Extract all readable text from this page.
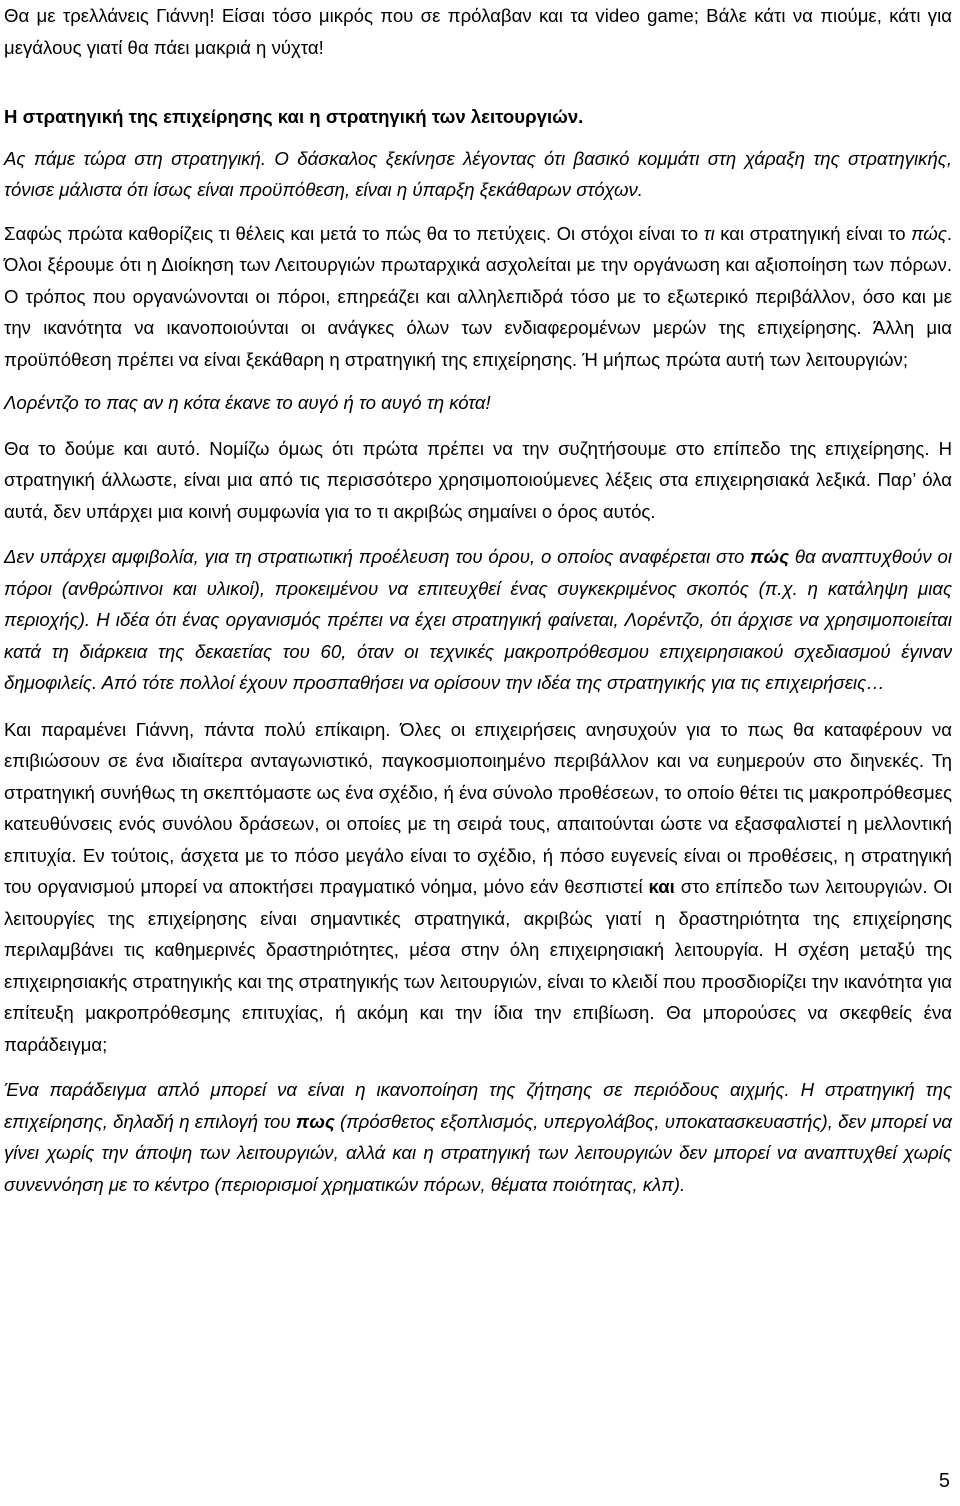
Θα με τρελλάνεις Γιάννη! Είσαι τόσο μικρός που σε πρόλαβαν και τα video game; Βάλε κάτι να πιούμε, κάτι για μεγάλους γιατί θα πάει μακριά η νύχτα!

Η στρατηγική της επιχείρησης και η στρατηγική των λειτουργιών.

Ας πάμε τώρα στη στρατηγική. Ο δάσκαλος ξεκίνησε λέγοντας ότι βασικό κομμάτι στη χάραξη της στρατηγικής, τόνισε μάλιστα ότι ίσως είναι προϋπόθεση, είναι η ύπαρξη ξεκάθαρων στόχων.

Σαφώς πρώτα καθορίζεις τι θέλεις και μετά το πώς θα το πετύχεις. Οι στόχοι είναι το τι και στρατηγική είναι το πώς. Όλοι ξέρουμε ότι η Διοίκηση των Λειτουργιών πρωταρχικά ασχολείται με την οργάνωση και αξιοποίηση των πόρων. Ο τρόπος που οργανώνονται οι πόροι, επηρεάζει και αλληλεπιδρά τόσο με το εξωτερικό περιβάλλον, όσο και με την ικανότητα να ικανοποιούνται οι ανάγκες όλων των ενδιαφερομένων μερών της επιχείρησης. Άλλη μια προϋπόθεση πρέπει να είναι ξεκάθαρη η στρατηγική της επιχείρησης. Ή μήπως πρώτα αυτή των λειτουργιών;

Λορέντζο το πας αν η κότα έκανε το αυγό ή το αυγό τη κότα!

Θα το δούμε και αυτό. Νομίζω όμως ότι πρώτα πρέπει να την συζητήσουμε στο επίπεδο της επιχείρησης. Η στρατηγική άλλωστε, είναι μια από τις περισσότερο χρησιμοποιούμενες λέξεις στα επιχειρησιακά λεξικά. Παρ’ όλα αυτά, δεν υπάρχει μια κοινή συμφωνία για το τι ακριβώς σημαίνει ο όρος αυτός.

Δεν υπάρχει αμφιβολία, για τη στρατιωτική προέλευση του όρου, ο οποίος αναφέρεται στο πώς θα αναπτυχθούν οι πόροι (ανθρώπινοι και υλικοί), προκειμένου να επιτευχθεί ένας συγκεκριμένος σκοπός (π.χ. η κατάληψη μιας περιοχής). Η ιδέα ότι ένας οργανισμός πρέπει να έχει στρατηγική φαίνεται, Λορέντζο, ότι άρχισε να χρησιμοποιείται κατά τη διάρκεια της δεκαετίας του 60, όταν οι τεχνικές μακροπρόθεσμου επιχειρησιακού σχεδιασμού έγιναν δημοφιλείς. Από τότε πολλοί έχουν προσπαθήσει να ορίσουν την ιδέα της στρατηγικής για τις επιχειρήσεις…

Και παραμένει Γιάννη, πάντα πολύ επίκαιρη. Όλες οι επιχειρήσεις ανησυχούν για το πως θα καταφέρουν να επιβιώσουν σε ένα ιδιαίτερα ανταγωνιστικό, παγκοσμιοποιημένο περιβάλλον και να ευημερούν στο διηνεκές. Τη στρατηγική συνήθως τη σκεπτόμαστε ως ένα σχέδιο, ή ένα σύνολο προθέσεων, το οποίο θέτει τις μακροπρόθεσμες κατευθύνσεις ενός συνόλου δράσεων, οι οποίες με τη σειρά τους, απαιτούνται ώστε να εξασφαλιστεί η μελλοντική επιτυχία. Εν τούτοις, άσχετα με το πόσο μεγάλο είναι το σχέδιο, ή πόσο ευγενείς είναι οι προθέσεις, η στρατηγική του οργανισμού μπορεί να αποκτήσει πραγματικό νόημα, μόνο εάν θεσπιστεί και στο επίπεδο των λειτουργιών. Οι λειτουργίες της επιχείρησης είναι σημαντικές στρατηγικά, ακριβώς γιατί η δραστηριότητα της επιχείρησης περιλαμβάνει τις καθημερινές δραστηριότητες, μέσα στην όλη επιχειρησιακή λειτουργία. Η σχέση μεταξύ της επιχειρησιακής στρατηγικής και της στρατηγικής των λειτουργιών, είναι το κλειδί που προσδιορίζει την ικανότητα για επίτευξη μακροπρόθεσμης επιτυχίας, ή ακόμη και την ίδια την επιβίωση. Θα μπορούσες να σκεφθείς ένα παράδειγμα;

Ένα παράδειγμα απλό μπορεί να είναι η ικανοποίηση της ζήτησης σε περιόδους αιχμής. Η στρατηγική της επιχείρησης, δηλαδή η επιλογή του πως (πρόσθετος εξοπλισμός, υπεργολάβος, υποκατασκευαστής), δεν μπορεί να γίνει χωρίς την άποψη των λειτουργιών, αλλά και η στρατηγική των λειτουργιών δεν μπορεί να αναπτυχθεί χωρίς συνεννόηση με το κέντρο (περιορισμοί χρηματικών πόρων, θέματα ποιότητας, κλπ).

5
